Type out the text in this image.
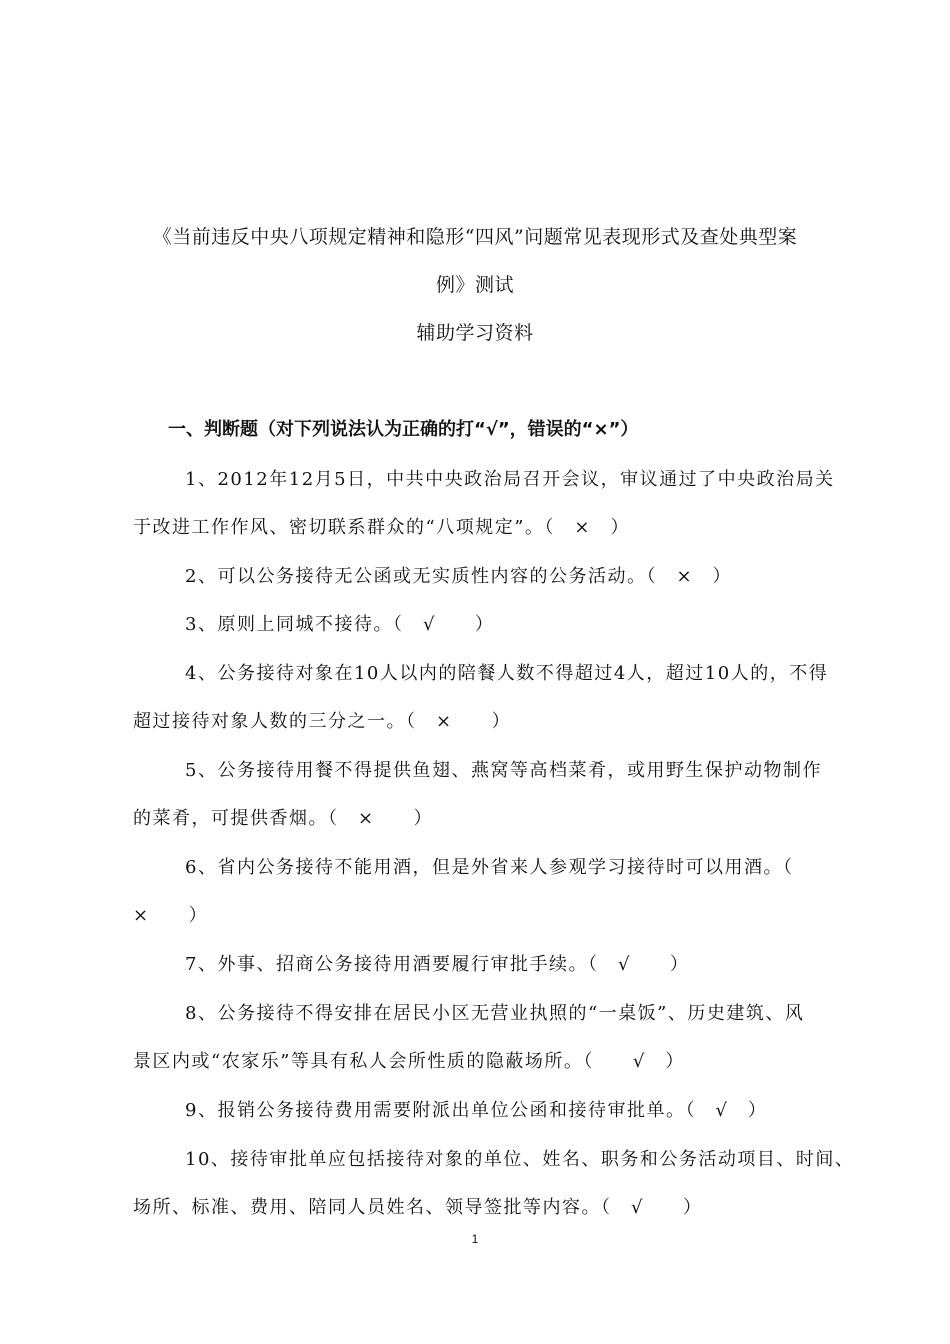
《当前违反中央八项规定精神和隐形“四风”问题常见表现形式及查处典型案
例》测试
辅助学习资料
一、判断题（对下列说法认为正确的打“√”，错误的“×”）
1、2012年12月5日，中共中央政治局召开会议，审议通过了中央政治局关
于改进工作作风、密切联系群众的“八项规定”。（　×　）
2、可以公务接待无公函或无实质性内容的公务活动。（　×　）
3、原则上同城不接待。（　√　　）
4、公务接待对象在10人以内的陪餐人数不得超过4人，超过10人的，不得
超过接待对象人数的三分之一。（　×　　）
5、公务接待用餐不得提供鱼翅、燕窝等高档菜肴，或用野生保护动物制作
的菜肴，可提供香烟。（　×　　）
6、省内公务接待不能用酒，但是外省来人参观学习接待时可以用酒。（
×　　）
7、外事、招商公务接待用酒要履行审批手续。（　√　　）
8、公务接待不得安排在居民小区无营业执照的“一桌饭”、历史建筑、风
景区内或“农家乐”等具有私人会所性质的隐蔽场所。（　　√　）
9、报销公务接待费用需要附派出单位公函和接待审批单。（　√　）
10、接待审批单应包括接待对象的单位、姓名、职务和公务活动项目、时间、
场所、标准、费用、陪同人员姓名、领导签批等内容。（　√　　）
1
